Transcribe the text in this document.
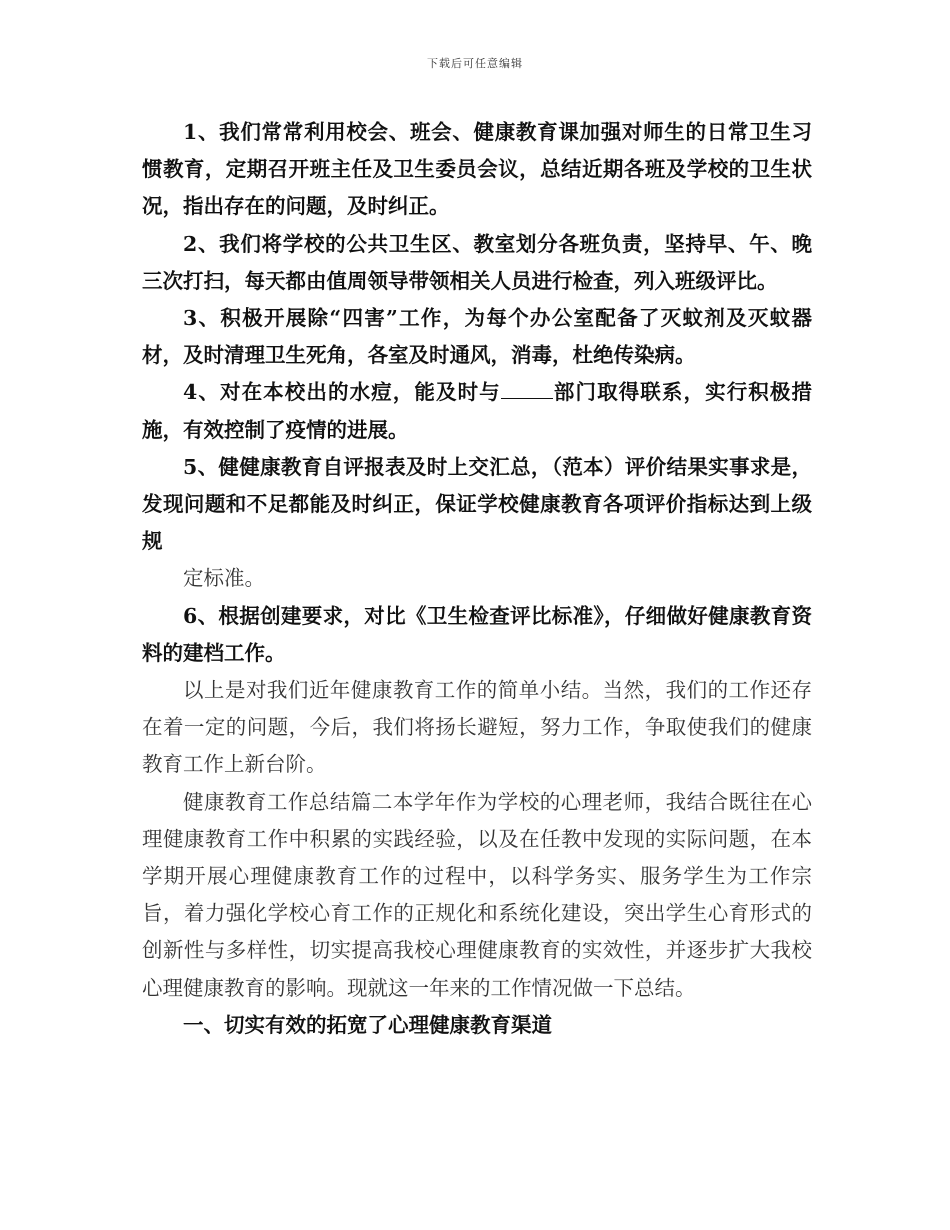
下载后可任意编辑

1、我们常常利用校会、班会、健康教育课加强对师生的日常卫生习惯教育，定期召开班主任及卫生委员会议，总结近期各班及学校的卫生状况，指出存在的问题，及时纠正。

2、我们将学校的公共卫生区、教室划分各班负责，坚持早、午、晚三次打扫，每天都由值周领导带领相关人员进行检查，列入班级评比。

3、积极开展除“四害”工作，为每个办公室配备了灭蚊剂及灭蚊器材，及时清理卫生死角，各室及时通风，消毒，杜绝传染病。

4、对在本校出的水痘，能及时与	部门取得联系，实行积极措施，有效控制了疫情的进展。

5、健健康教育自评报表及时上交汇总，（范本）评价结果实事求是，发现问题和不足都能及时纠正，保证学校健康教育各项评价指标达到上级规

定标准。

6、根据创建要求，对比《卫生检查评比标准》，仔细做好健康教育资料的建档工作。

以上是对我们近年健康教育工作的简单小结。当然，我们的工作还存在着一定的问题，今后，我们将扬长避短，努力工作，争取使我们的健康教育工作上新台阶。

健康教育工作总结篇二本学年作为学校的心理老师，我结合既往在心理健康教育工作中积累的实践经验，以及在任教中发现的实际问题，在本学期开展心理健康教育工作的过程中，以科学务实、服务学生为工作宗旨，着力强化学校心育工作的正规化和系统化建设，突出学生心育形式的创新性与多样性，切实提高我校心理健康教育的实效性，并逐步扩大我校心理健康教育的影响。现就这一年来的工作情况做一下总结。

一、切实有效的拓宽了心理健康教育渠道
